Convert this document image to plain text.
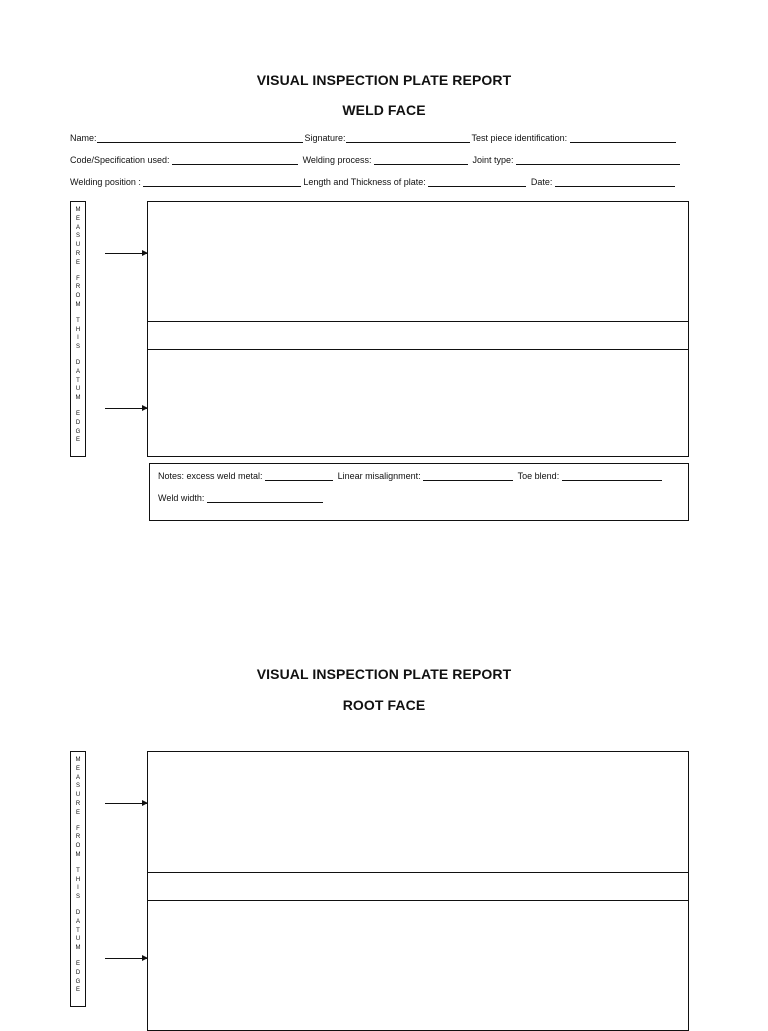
VISUAL INSPECTION PLATE REPORT
WELD FACE
Name:	Signature:	Test piece identification:
Code/Specification used:	Welding process:	Joint type:
Welding position :	Length and Thickness of plate:	Date:
M
E
A
S
U
R
E
F
R
O
M
T
H
I
S
D
A
T
U
M
E
D
G
E
Notes: excess weld metal:	Linear misalignment:	Toe blend:
Weld width:
VISUAL INSPECTION PLATE REPORT
ROOT FACE
M
E
A
S
U
R
E
F
R
O
M
T
H
I
S
D
A
T
U
M
E
D
G
E
